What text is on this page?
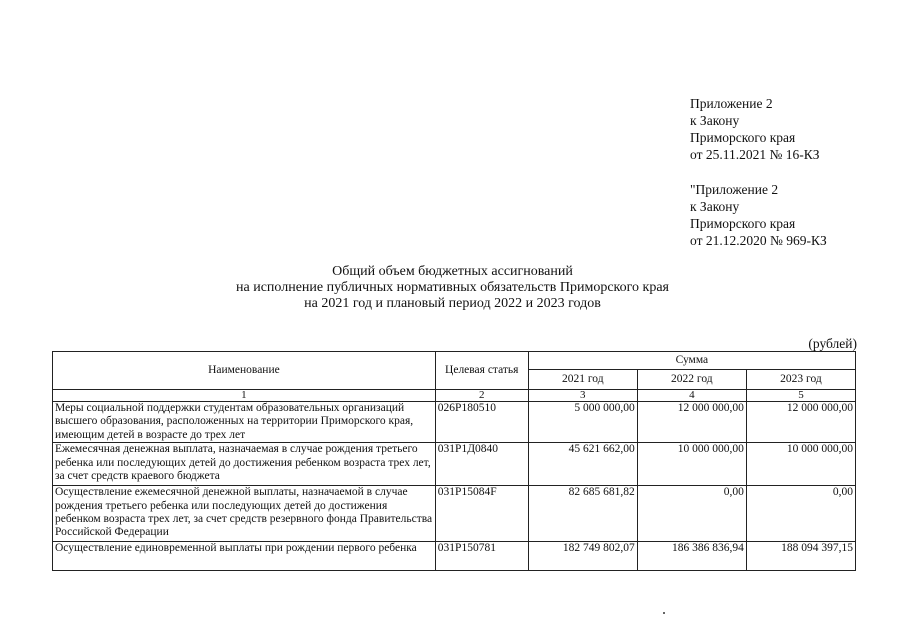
Приложение 2
к Закону
Приморского края
от 25.11.2021 № 16-КЗ
"Приложение 2
к Закону
Приморского края
от 21.12.2020 № 969-КЗ
Общий объем бюджетных ассигнований
на исполнение публичных нормативных обязательств Приморского края
на 2021 год и плановый период 2022 и 2023 годов
(рублей)
Наименование	Целевая статья	Сумма		
		2021 год	2022 год	2023 год
1	2	3	4	5
Меры социальной поддержки студентам образовательных организаций высшего образования, расположенных на территории Приморского края, имеющим детей в возрасте до трех лет	026Р180510	5 000 000,00	12 000 000,00	12 000 000,00
Ежемесячная денежная выплата, назначаемая в случае рождения третьего ребенка или последующих детей до достижения ребенком возраста трех лет, за счет средств краевого бюджета	031Р1Д0840	45 621 662,00	10 000 000,00	10 000 000,00
Осуществление ежемесячной денежной выплаты, назначаемой в случае рождения третьего ребенка или последующих детей до достижения ребенком возраста трех лет, за счет средств резервного фонда Правительства Российской Федерации	031Р15084F	82 685 681,82	0,00	0,00
Осуществление единовременной выплаты при рождении первого ребенка	031Р150781	182 749 802,07	186 386 836,94	188 094 397,15
